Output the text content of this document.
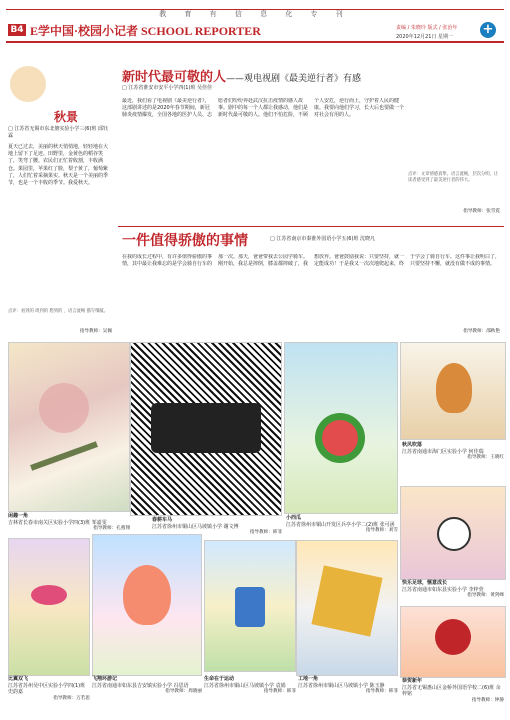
教 育 有 信 息 化 专 刊
B4 E学中国·校园小记者 SCHOOL REPORTER	责编 / 朱晓玲 版式 / 张治年
2020年12月21日 星期一 +
秋景
□ 江苏省无锡市东北塘实验小学三(6)班 邱钰霖
夏天已过去，美丽的秋天悄悄地，轻轻地在大地上留下了足迹。田野里，金黄色的稻谷笑了，笑弯了腰。农民们正忙着收割，丰收满仓。果园里，苹果红了脸，梨子黄了，葡萄紫了，人们忙着采摘果实。秋天是一个美丽的季节，也是一个丰收的季节。我爱秋天。
点评：看到的 周到的 想到的 ，语言流畅 描写细腻。
指导教师：吴佩
新时代最可敬的人——观电视剧《最美逆行者》有感
□ 江苏省淮安市安平小学四(1)班 吴佳佳
最近，我们看了电视剧《最美逆行者》，这部剧讲述的是2020年春节期间，新冠肺炎疫情爆发，全国各地的医护人员、志愿者们纷纷奔赴武汉抗击疫情的感人故事。剧中的每一个人都让我感动，他们是新时代最可敬的人。他们不怕危险，不顾个人安危，逆行而上，守护着人民的健康。我要向他们学习，长大后也要做一个对社会有用的人。
点评：文章情感真挚，语言流畅，层次分明，让读者感受到了最美逆行者的伟大。
指导教师：张雪霓
一件值得骄傲的事情	□ 江苏省南京市秦淮外国语小学五(6)班 沈晓凡
在我的成长过程中，有许多值得骄傲的事情，其中最让我难忘的是学会骑自行车的那一次。那天，爸爸带我去公园学骑车。刚开始，我总是摔倒，膝盖都摔破了，我想放弃。爸爸鼓励我说：只要坚持，就一定能成功！于是我又一次次地爬起来，终于学会了骑自行车。这件事让我明白了，只要坚持不懈，就没有做不成的事情。
指导教师：邵秋艳
闲趣一角
吉林省长春市南关区实验小学四(3)班 邹嘉雯
指导教师：孔燕翔
春耕车马
江苏省徐州市铜山区马坡镇小学 谢文博
指导教师：韩菲
小西瓜
江苏省徐州市铜山开发区兵亭小学二(2)班 张可函
指导教师：刘雪
秋风吹落
江苏省南通市海门区实验小学 何佳瑞
指导教师：王晓红
快乐足球，惬意成长
江苏省南通市如东县实验小学 李梓萱
指导教师：黄剑峰
比翼双飞
江苏省苏州吴中区实验小学四(1)班 史韵嘉
指导教师：万若思
飞翔环游记
江苏省南通市如东县吉安镇实验小学 冯思语
指导教师：周晓丽
生命在于运动
江苏省徐州市铜山区马坡镇小学 袁娟
指导教师：韩菲
工地一角
江苏省徐州市铜山区马坡镇小学 陈玉静
指导教师：韩菲
恭贺新年
江苏省无锡惠山区金桥外国语学校二(6)班 余梓铭
指导教师：钟静
